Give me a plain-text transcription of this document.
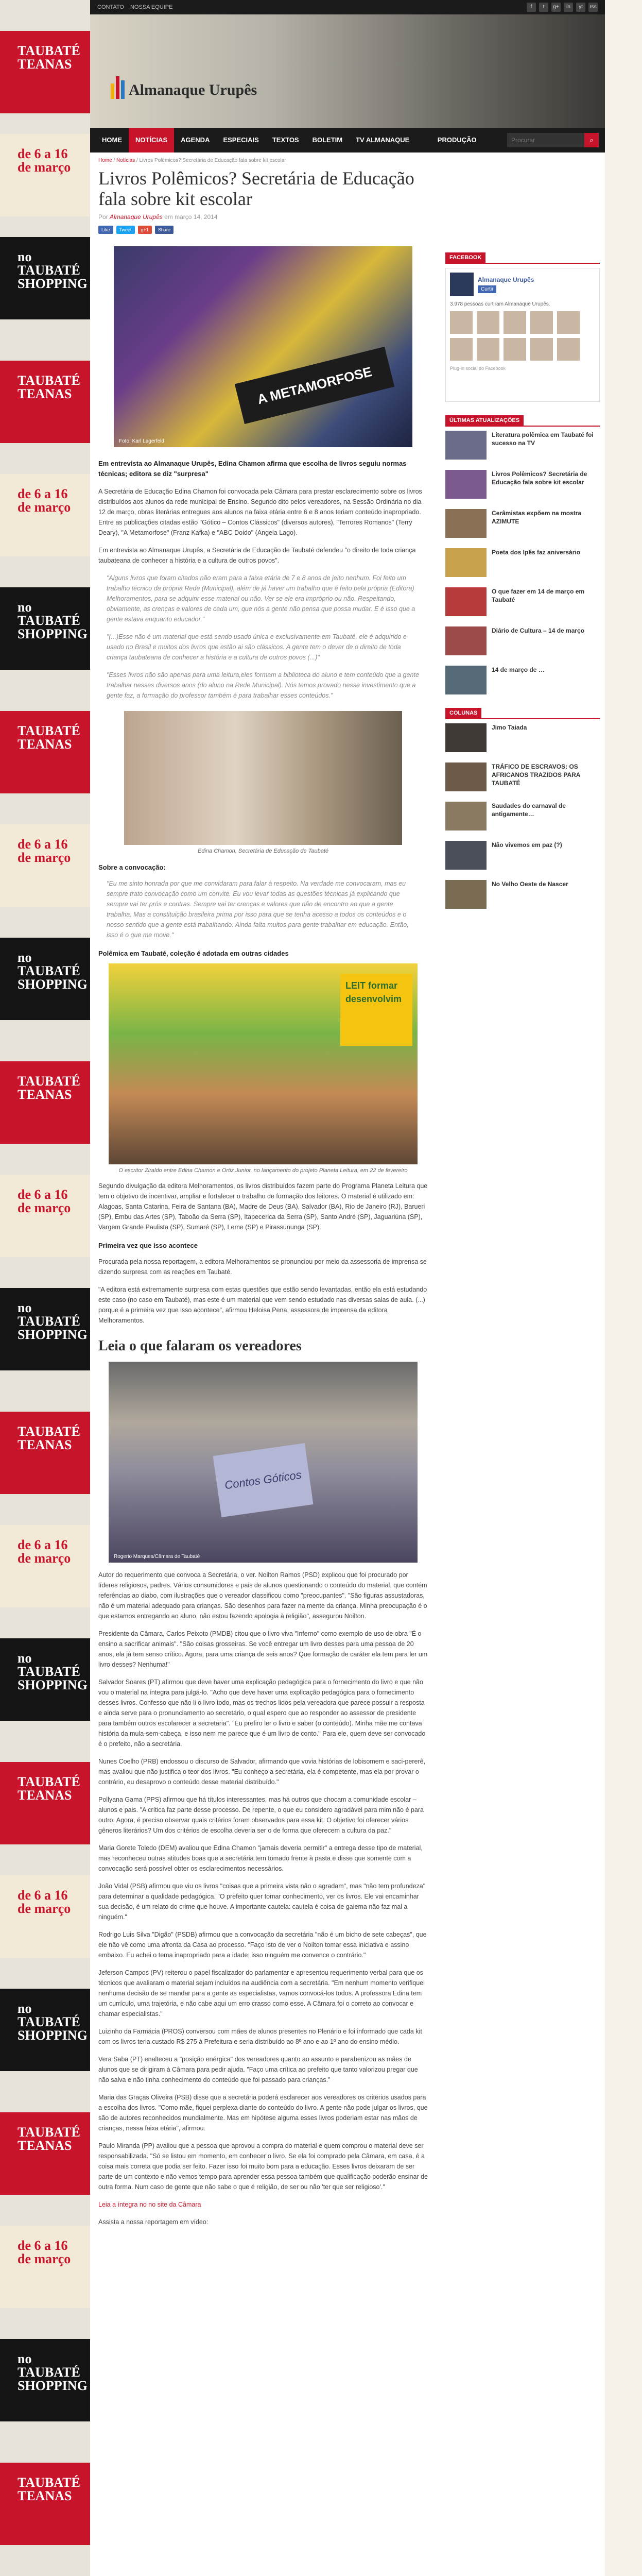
TAUBATÉ
TEANAS
de 6 a 16
de março
no TAUBATÉ
SHOPPING
TAUBATÉ
TEANAS
de 6 a 16
de março
no TAUBATÉ
SHOPPING
TAUBATÉ
TEANAS
de 6 a 16
de março
no TAUBATÉ
SHOPPING
TAUBATÉ
TEANAS
de 6 a 16
de março
no TAUBATÉ
SHOPPING
TAUBATÉ
TEANAS
de 6 a 16
de março
no TAUBATÉ
SHOPPING
TAUBATÉ
TEANAS
de 6 a 16
de março
no TAUBATÉ
SHOPPING
TAUBATÉ
TEANAS
de 6 a 16
de março
no TAUBATÉ
SHOPPING
TAUBATÉ
TEANAS
CONTATO NOSSA EQUIPE	f	t	g+	in	yt	rss
Almanaque Urupês
HOME	NOTÍCIAS	AGENDA	ESPECIAIS	TEXTOS	BOLETIM	TV ALMANAQUE URUPÊS
PRODUÇÃO CULTURAL
Procurar
⌕
Home / Notícias / Livros Polêmicos? Secretária de Educação fala sobre kit escolar
Livros Polêmicos? Secretária de Educação fala sobre kit escolar
Por Almanaque Urupês em março 14, 2014
Like	Tweet	g+1	Share
A METAMORFOSE
Foto: Karl Lagerfeld

Em entrevista ao Almanaque Urupês, Edina Chamon afirma que escolha de livros seguiu normas técnicas; editora se diz "surpresa"

A Secretária de Educação Edina Chamon foi convocada pela Câmara para prestar esclarecimento sobre os livros distribuídos aos alunos da rede municipal de Ensino. Segundo dito pelos vereadores, na Sessão Ordinária no dia 12 de março, obras literárias entregues aos alunos na faixa etária entre 6 e 8 anos teriam conteúdo inapropriado. Entre as publicações citadas estão "Gótico – Contos Clássicos" (diversos autores), "Terrores Romanos" (Terry Deary), "A Metamorfose" (Franz Kafka) e "ABC Doido" (Angela Lago).

Em entrevista ao Almanaque Urupês, a Secretária de Educação de Taubaté defendeu "o direito de toda criança taubateana de conhecer a história e a cultura de outros povos".

"Alguns livros que foram citados não eram para a faixa etária de 7 e 8 anos de jeito nenhum. Foi feito um trabalho técnico da própria Rede (Municipal), além de já haver um trabalho que é feito pela própria (Editora) Melhoramentos, para se adquirir esse material ou não. Ver se ele era impróprio ou não. Respeitando, obviamente, as crenças e valores de cada um, que nós a gente não pensa que possa mudar. E é isso que a gente estava enquanto educador."

"(...)Esse não é um material que está sendo usado única e exclusivamente em Taubaté, ele é adquirido e usado no Brasil e muitos dos livros que estão ai são clássicos. A gente tem o dever de o direito de toda criança taubateana de conhecer a história e a cultura de outros povos (...)"

"Esses livros não são apenas para uma leitura,eles formam a biblioteca do aluno e tem conteúdo que a gente trabalhar nesses diversos anos (do aluno na Rede Municipal). Nós temos provado nesse investimento que a gente faz, a formação do professor também é para trabalhar esses conteúdos."

Edina Chamon, Secretária de Educação de Taubaté
Sobre a convocação:

"Eu me sinto honrada por que me convidaram para falar à respeito. Na verdade me convocaram, mas eu sempre trato convocação como um convite. Eu vou levar todas as questões técnicas já explicando que sempre vai ter prós e contras. Sempre vai ter crenças e valores que não de encontro ao que a gente trabalha. Mas a constituição brasileira prima por isso para que se tenha acesso a todos os conteúdos e o nosso sentido que a gente está trabalhando. Ainda falta muitos para gente trabalhar em educação. Então, isso é o que me move."

Polêmica em Taubaté, coleção é adotada em outras cidades
LEIT formar desenvolvim
O escritor Ziraldo entre Edina Chamon e Ortiz Junior, no lançamento do projeto Planeta Leitura, em 22 de fevereiro

Segundo divulgação da editora Melhoramentos, os livros distribuídos fazem parte do Programa Planeta Leitura que tem o objetivo de incentivar, ampliar e fortalecer o trabalho de formação dos leitores. O material é utilizado em: Alagoas, Santa Catarina, Feira de Santana (BA), Madre de Deus (BA), Salvador (BA), Rio de Janeiro (RJ), Barueri (SP), Embu das Artes (SP), Taboão da Serra (SP), Itapecerica da Serra (SP), Santo André (SP), Jaguariúna (SP), Vargem Grande Paulista (SP), Sumaré (SP), Leme (SP) e Pirassununga (SP).

Primeira vez que isso acontece

Procurada pela nossa reportagem, a editora Melhoramentos se pronunciou por meio da assessoria de imprensa se dizendo surpresa com as reações em Taubaté.

"A editora está extremamente surpresa com estas questões que estão sendo levantadas, então ela está estudando este caso (no caso em Taubaté), mas este é um material que vem sendo estudado nas diversas salas de aula. (...) porque é a primeira vez que isso acontece", afirmou Heloisa Pena, assessora de imprensa da editora Melhoramentos.

Leia o que falaram os vereadores
Contos Góticos
Rogerio Marques/Câmara de Taubaté

Autor do requerimento que convoca a Secretária, o ver. Noilton Ramos (PSD) explicou que foi procurado por líderes religiosos, padres. Vários consumidores e pais de alunos questionando o conteúdo do material, que contém referências ao diabo, com ilustrações que o vereador classificou como "preocupantes". "São figuras assustadoras, não é um material adequado para crianças. São desenhos para fazer na mente da criança. Minha preocupação é o que estamos entregando ao aluno, não estou fazendo apologia à religião", assegurou Noilton.

Presidente da Câmara, Carlos Peixoto (PMDB) citou que o livro viva "Inferno" como exemplo de uso de obra "É o ensino a sacrificar animais". "São coisas grosseiras. Se você entregar um livro desses para uma pessoa de 20 anos, ela já tem senso crítico. Agora, para uma criança de seis anos? Que formação de caráter ela tem para ler um livro desses? Nenhuma!"

Salvador Soares (PT) afirmou que deve haver uma explicação pedagógica para o fornecimento do livro e que não vou o material na íntegra para julgá-lo. "Acho que deve haver uma explicação pedagógica para o fornecimento desses livros. Confesso que não li o livro todo, mas os trechos lidos pela vereadora que parece possuir a resposta e ainda serve para o pronunciamento ao secretário, o qual espero que ao responder ao assessor de presidente para também outros escolarecer a secretaria". "Eu prefiro ler o livro e saber (o conteúdo). Minha mãe me contava história da mula-sem-cabeça, e isso nem me parece que é um livro de conto." Para ele, quem deve ser convocado é o prefeito, não a secretária.

Nunes Coelho (PRB) endossou o discurso de Salvador, afirmando que vovia histórias de lobisomem e saci-pererê, mas avaliou que não justifica o teor dos livros. "Eu conheço a secretária, ela é competente, mas ela por provar o contrário, eu desaprovo o conteúdo desse material distribuído."

Pollyana Gama (PPS) afirmou que há títulos interessantes, mas há outros que chocam a comunidade escolar – alunos e pais. "A crítica faz parte desse processo. De repente, o que eu considero agradável para mim não é para outro. Agora, é preciso observar quais critérios foram observados para essa kit. O objetivo foi oferecer vários gêneros literários? Um dos critérios de escolha deveria ser o de forma que oferecem a cultura da paz."

Maria Gorete Toledo (DEM) avaliou que Edina Chamon "jamais deveria permitir" a entrega desse tipo de material, mas reconheceu outras atitudes boas que a secretária tem tomado frente à pasta e disse que somente com a convocação será possível obter os esclarecimentos necessários.

João Vidal (PSB) afirmou que viu os livros "coisas que a primeira vista não o agradam", mas "não tem profundeza" para determinar a qualidade pedagógica. "O prefeito quer tomar conhecimento, ver os livros. Ele vai encaminhar sua decisão, é um relato do crime que houve. A importante cautela: cautela é coisa de gaiema não faz mal a ninguém."

Rodrigo Luis Silva "Digão" (PSDB) afirmou que a convocação da secretária "não é um bicho de sete cabeças", que ele não vê como uma afronta da Casa ao processo. "Faço isto de ver o Noilton tomar essa iniciativa e assino embaixo. Eu achei o tema inapropriado para a idade; isso ninguém me convence o contrário."

Jeferson Campos (PV) reiterou o papel fiscalizador do parlamentar e apresentou requerimento verbal para que os técnicos que avaliaram o material sejam incluídos na audiência com a secretária. "Em nenhum momento verifiquei nenhuma decisão de se mandar para a gente as especialistas, vamos convocá-los todos. A professora Edina tem um currículo, uma trajetória, e não cabe aqui um erro crasso como esse. A Câmara foi o correto ao convocar e chamar especialistas."

Luizinho da Farmácia (PROS) conversou com mães de alunos presentes no Plenário e foi informado que cada kit com os livros teria custado R$ 275 à Prefeitura e seria distribuído ao 8º ano e ao 1º ano do ensino médio.

Vera Saba (PT) enalteceu a "posição enérgica" dos vereadores quanto ao assunto e parabenizou as mães de alunos que se dirigiram à Câmara para pedir ajuda. "Faço uma crítica ao prefeito que tanto valorizou pregar que não salva e não tinha conhecimento do conteúdo que foi passado para crianças."

Maria das Graças Oliveira (PSB) disse que a secretária poderá esclarecer aos vereadores os critérios usados para a escolha dos livros. "Como mãe, fiquei perplexa diante do conteúdo do livro. A gente não pode julgar os livros, que são de autores reconhecidos mundialmente. Mas em hipótese alguma esses livros poderiam estar nas mãos de crianças, nessa faixa etária", afirmou.

Paulo Miranda (PP) avaliou que a pessoa que aprovou a compra do material e quem comprou o material deve ser responsabilizada. "Só se listou em momento, em conhecer o livro. Se ela foi comprado pela Câmara, em casa, é a coisa mais correta que podia ser feito. Fazer isso foi muito bom para a educação. Esses livros deixaram de ser parte de um contexto e não vemos tempo para aprender essa pessoa também que qualificação poderão ensinar de outra forma. Num caso de gente que não sabe o que é religião, de ser ou não 'ter que ser religioso'."

Leia a íntegra no no site da Câmara

Assista a nossa reportagem em vídeo:

FACEBOOK
Almanaque Urupês
Curtir
3.978 pessoas curtiram Almanaque Urupês.
Plug-in social do Facebook
ÚLTIMAS ATUALIZAÇÕES
Literatura polêmica em Taubaté foi sucesso na TV
Livros Polêmicos? Secretária de Educação fala sobre kit escolar
Cerâmistas expõem na mostra AZIMUTE
Poeta dos Ipês faz aniversário
O que fazer em 14 de março em Taubaté
Diário de Cultura – 14 de março
14 de março de …
COLUNAS
Jimo Taiada
TRÁFICO DE ESCRAVOS: OS AFRICANOS TRAZIDOS PARA TAUBATÉ
Saudades do carnaval de antigamente…
Não vivemos em paz (?)
No Velho Oeste de Nascer
